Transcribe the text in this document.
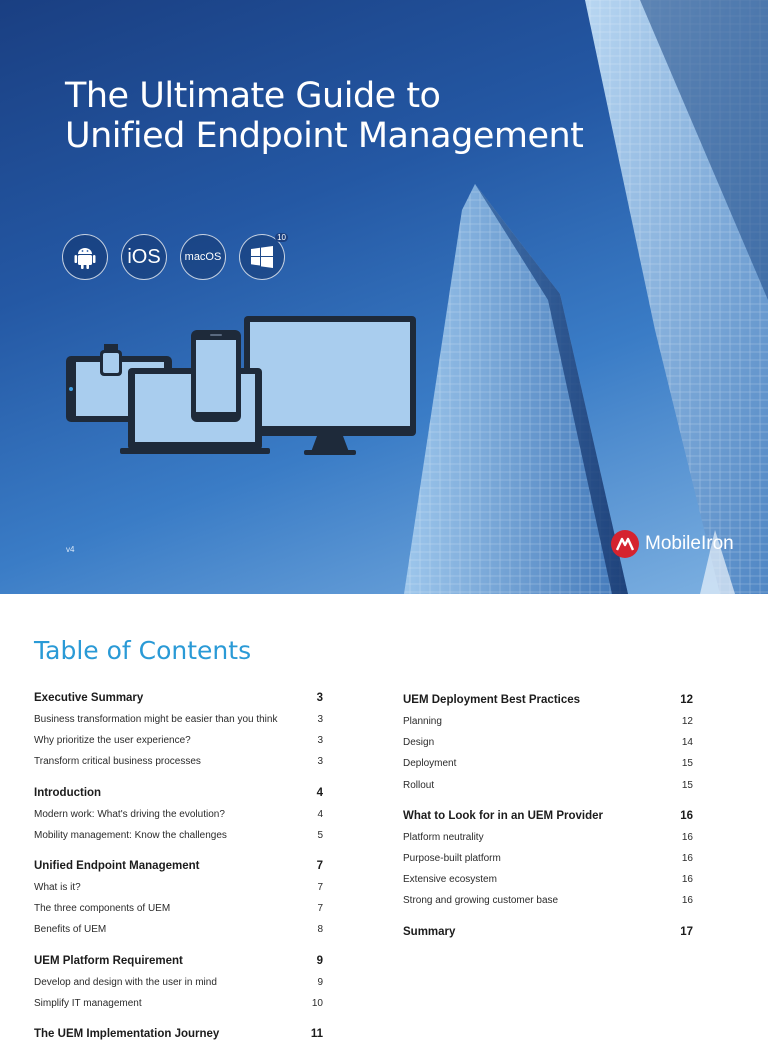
The Ultimate Guide to
Unified Endpoint Management
iOS macOS
10
v4	MobileIron
Table of Contents
Executive Summary	3
Business transformation might be easier than you think	3
Why prioritize the user experience?	3
Transform critical business processes	3
Introduction	4
Modern work: What's driving the evolution?	4
Mobility management: Know the challenges	5
Unified Endpoint Management	7
What is it?	7
The three components of UEM	7
Benefits of UEM	8
UEM Platform Requirement	9
Develop and design with the user in mind	9
Simplify IT management	10
The UEM Implementation Journey	11
UEM Deployment Best Practices	12
Planning	12
Design	14
Deployment	15
Rollout	15
What to Look for in an UEM Provider	16
Platform neutrality	16
Purpose-built platform	16
Extensive ecosystem	16
Strong and growing customer base	16
Summary	17
